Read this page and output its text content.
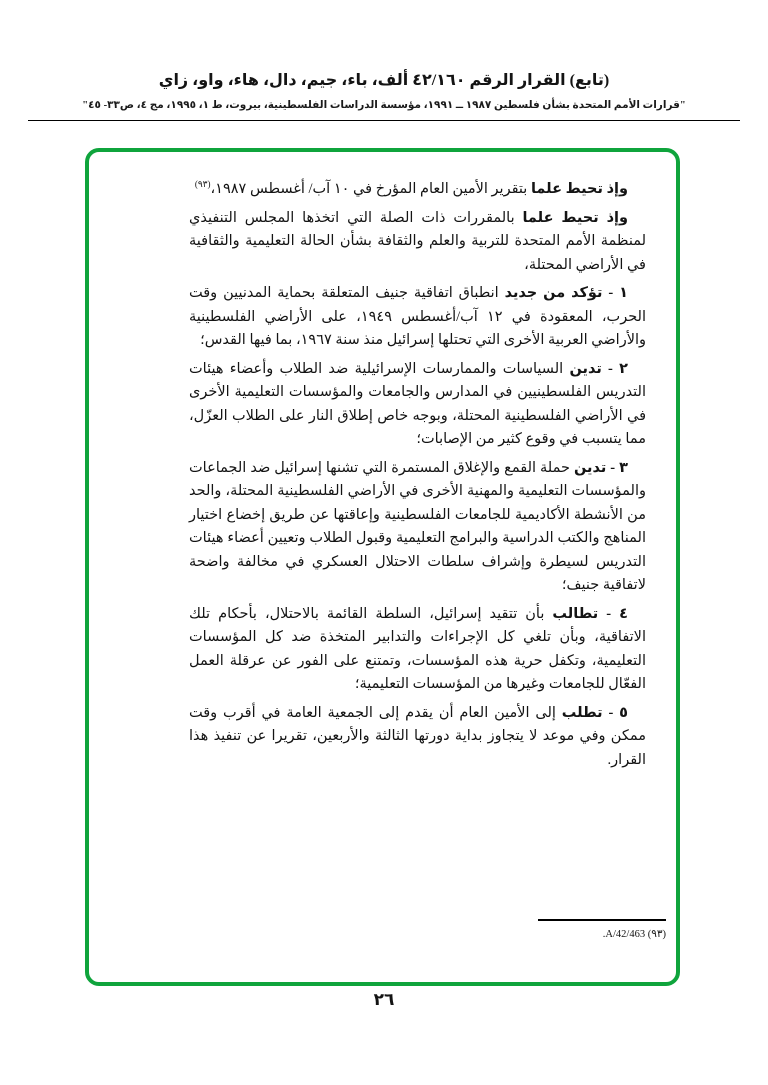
(تابع) القرار الرقم ٤٢/١٦٠ ألف، باء، جيم، دال، هاء، واو، زاي
"قرارات الأمم المتحدة بشأن فلسطين ١٩٨٧ ــ ١٩٩١، مؤسسة الدراسات الفلسطينية، بيروت، ط ١، ١٩٩٥، مج ٤، ص٣٣- ٤٥"

وإذ تحيط علما بتقرير الأمين العام المؤرخ في ١٠ آب/ أغسطس ١٩٨٧،$^{(٩٣)}$

وإذ تحيط علما بالمقررات ذات الصلة التي اتخذها المجلس التنفيذي لمنظمة الأمم المتحدة للتربية والعلم والثقافة بشأن الحالة التعليمية والثقافية في الأراضي المحتلة،

١ - تؤكد من جديد انطباق اتفاقية جنيف المتعلقة بحماية المدنيين وقت الحرب، المعقودة في ١٢ آب/أغسطس ١٩٤٩، على الأراضي الفلسطينية والأراضي العربية الأخرى التي تحتلها إسرائيل منذ سنة ١٩٦٧، بما فيها القدس؛

٢ - تدين السياسات والممارسات الإسرائيلية ضد الطلاب وأعضاء هيئات التدريس الفلسطينيين في المدارس والجامعات والمؤسسات التعليمية الأخرى في الأراضي الفلسطينية المحتلة، وبوجه خاص إطلاق النار على الطلاب العزّل، مما يتسبب في وقوع كثير من الإصابات؛

٣ - تدين حملة القمع والإغلاق المستمرة التي تشنها إسرائيل ضد الجماعات والمؤسسات التعليمية والمهنية الأخرى في الأراضي الفلسطينية المحتلة، والحد من الأنشطة الأكاديمية للجامعات الفلسطينية وإعاقتها عن طريق إخضاع اختيار المناهج والكتب الدراسية والبرامج التعليمية وقبول الطلاب وتعيين أعضاء هيئات التدريس لسيطرة وإشراف سلطات الاحتلال العسكري في مخالفة واضحة لاتفاقية جنيف؛

٤ - تطالب بأن تتقيد إسرائيل، السلطة القائمة بالاحتلال، بأحكام تلك الاتفاقية، وبأن تلغي كل الإجراءات والتدابير المتخذة ضد كل المؤسسات التعليمية، وتكفل حرية هذه المؤسسات، وتمتنع على الفور عن عرقلة العمل الفعّال للجامعات وغيرها من المؤسسات التعليمية؛

٥ - تطلب إلى الأمين العام أن يقدم إلى الجمعية العامة في أقرب وقت ممكن وفي موعد لا يتجاوز بداية دورتها الثالثة والأربعين، تقريرا عن تنفيذ هذا القرار.

(٩٣) A/42/463.
٢٦
